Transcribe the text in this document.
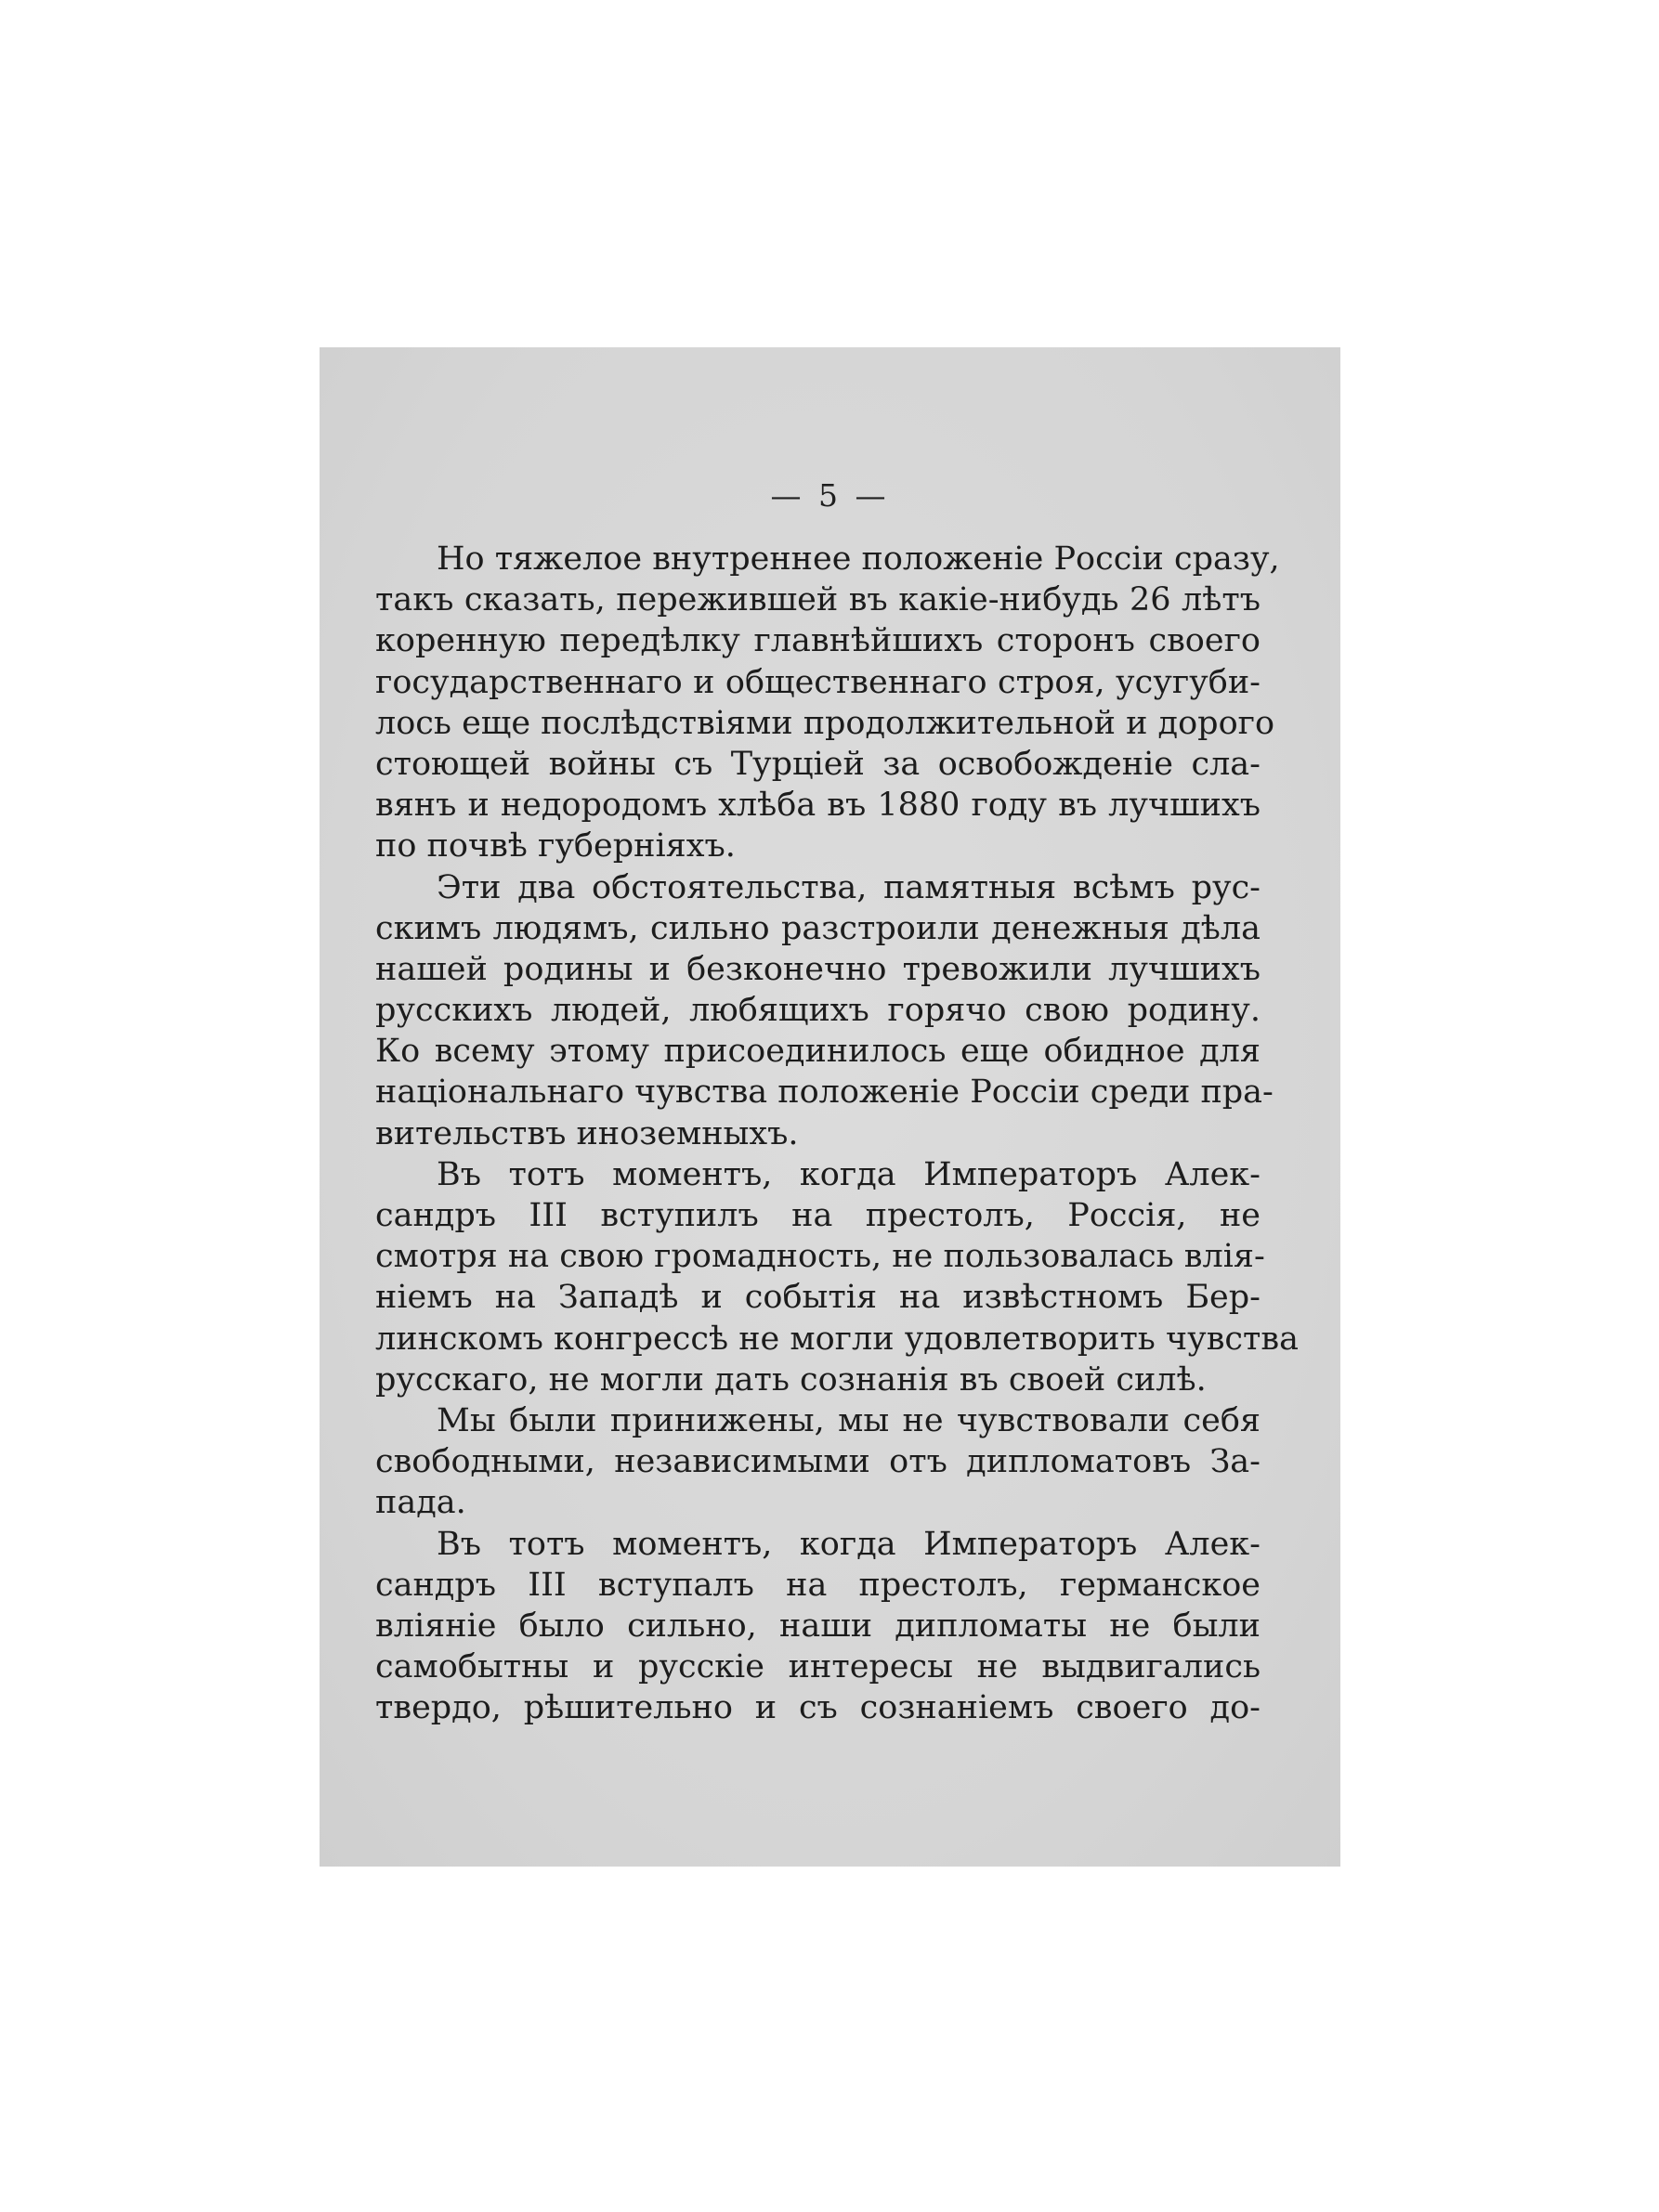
— 5 —
Но тяжелое внутреннее положенiе Россiи сразу,
такъ сказать, пережившей въ какiе-нибудь 26 лѣтъ
коренную передѣлку главнѣйшихъ сторонъ своего
государственнаго и общественнаго строя, усугуби-
лось еще послѣдствiями продолжительной и дорого
стоющей войны съ Турцiей за освобожденiе сла-
вянъ и недородомъ хлѣба въ 1880 году въ лучшихъ
по почвѣ губернiяхъ.
Эти два обстоятельства, памятныя всѣмъ рус-
скимъ людямъ, сильно разстроили денежныя дѣла
нашей родины и безконечно тревожили лучшихъ
русскихъ людей, любящихъ горячо свою родину.
Ко всему этому присоединилось еще обидное для
нацiональнаго чувства положенiе Россiи среди пра-
вительствъ иноземныхъ.
Въ тотъ моментъ, когда Императоръ Алек-
сандръ III вступилъ на престолъ, Россiя, не
смотря на свою громадность, не пользовалась влiя-
нiемъ на Западѣ и событiя на извѣстномъ Бер-
линскомъ конгрессѣ не могли удовлетворить чувства
русскаго, не могли дать сознанiя въ своей силѣ.
Мы были принижены, мы не чувствовали себя
свободными, независимыми отъ дипломатовъ За-
пада.
Въ тотъ моментъ, когда Императоръ Алек-
сандръ III вступалъ на престолъ, германское
влiянiе было сильно, наши дипломаты не были
самобытны и русскiе интересы не выдвигались
твердо, рѣшительно и съ сознанiемъ своего до-
